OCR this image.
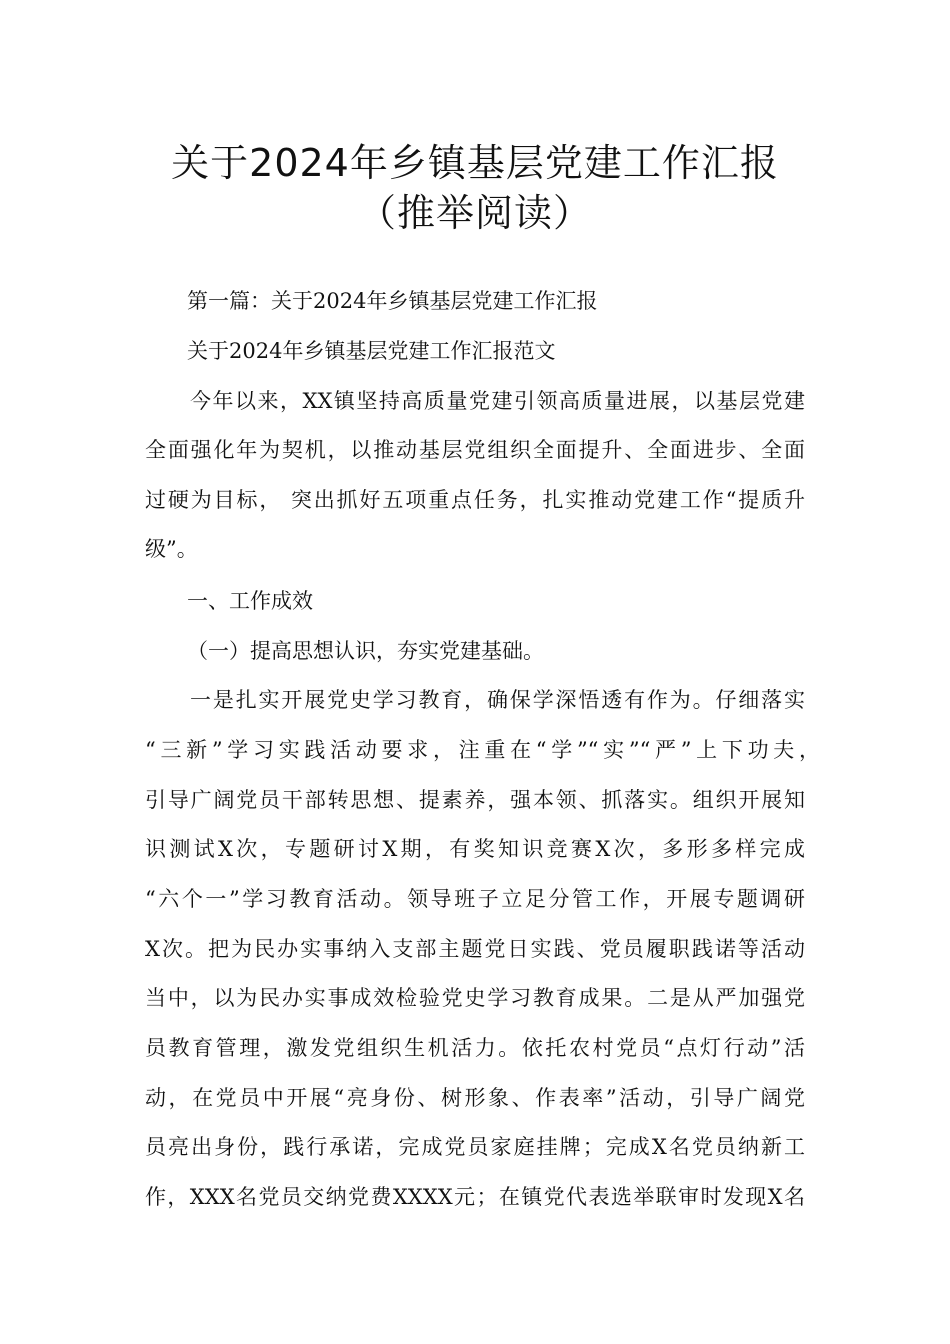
关于2024年乡镇基层党建工作汇报
（推举阅读）
第一篇：关于2024年乡镇基层党建工作汇报
关于2024年乡镇基层党建工作汇报范文
今年以来，XX镇坚持高质量党建引领高质量进展，以基层党建
全面强化年为契机，以推动基层党组织全面提升、全面进步、全面
过硬为目标， 突出抓好五项重点任务，扎实推动党建工作“提质升
级”。
一、工作成效
（一）提高思想认识，夯实党建基础。
一是扎实开展党史学习教育，确保学深悟透有作为。仔细落实
“三新”学习实践活动要求，注重在“学”“实”“严”上下功夫，
引导广阔党员干部转思想、提素养，强本领、抓落实。组织开展知
识测试X次，专题研讨X期，有奖知识竞赛X次，多形多样完成
“六个一”学习教育活动。领导班子立足分管工作，开展专题调研
X次。把为民办实事纳入支部主题党日实践、党员履职践诺等活动
当中，以为民办实事成效检验党史学习教育成果。二是从严加强党
员教育管理，激发党组织生机活力。依托农村党员“点灯行动”活
动，在党员中开展“亮身份、树形象、作表率”活动，引导广阔党
员亮出身份，践行承诺，完成党员家庭挂牌；完成X名党员纳新工
作，XXX名党员交纳党费XXXX元；在镇党代表选举联审时发现X名
